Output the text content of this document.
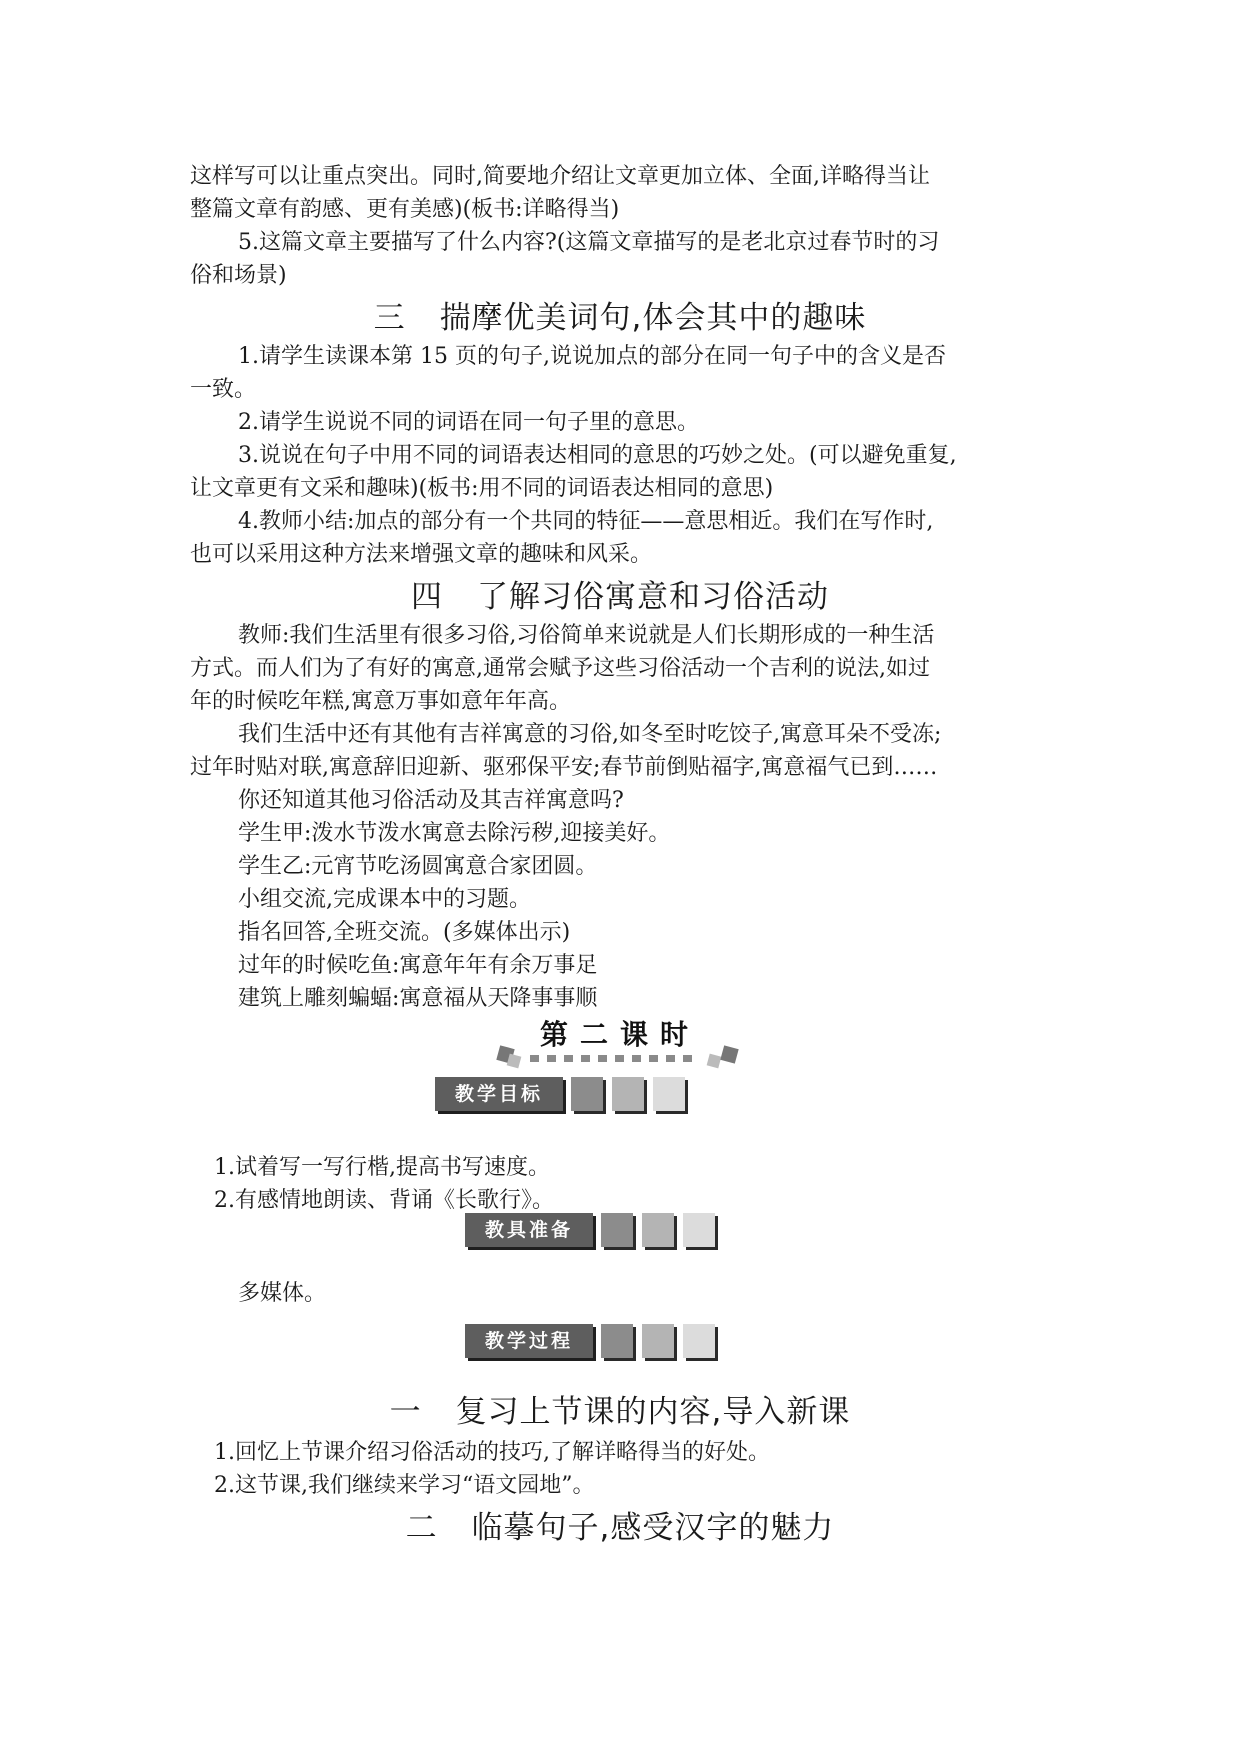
这样写可以让重点突出。同时,简要地介绍让文章更加立体、全面,详略得当让

整篇文章有韵感、更有美感)(板书:详略得当)

5.这篇文章主要描写了什么内容?(这篇文章描写的是老北京过春节时的习

俗和场景)

三 揣摩优美词句,体会其中的趣味

1.请学生读课本第 15 页的句子,说说加点的部分在同一句子中的含义是否

一致。

2.请学生说说不同的词语在同一句子里的意思。

3.说说在句子中用不同的词语表达相同的意思的巧妙之处。(可以避免重复,

让文章更有文采和趣味)(板书:用不同的词语表达相同的意思)

4.教师小结:加点的部分有一个共同的特征——意思相近。我们在写作时,

也可以采用这种方法来增强文章的趣味和风采。

四 了解习俗寓意和习俗活动

教师:我们生活里有很多习俗,习俗简单来说就是人们长期形成的一种生活

方式。而人们为了有好的寓意,通常会赋予这些习俗活动一个吉利的说法,如过

年的时候吃年糕,寓意万事如意年年高。

我们生活中还有其他有吉祥寓意的习俗,如冬至时吃饺子,寓意耳朵不受冻;

过年时贴对联,寓意辞旧迎新、驱邪保平安;春节前倒贴福字,寓意福气已到……

你还知道其他习俗活动及其吉祥寓意吗?

学生甲:泼水节泼水寓意去除污秽,迎接美好。

学生乙:元宵节吃汤圆寓意合家团圆。

小组交流,完成课本中的习题。

指名回答,全班交流。(多媒体出示)

过年的时候吃鱼:寓意年年有余万事足

建筑上雕刻蝙蝠:寓意福从天降事事顺

第二课时
教学目标

1.试着写一写行楷,提高书写速度。

2.有感情地朗读、背诵《长歌行》。

教具准备

多媒体。

教学过程
一 复习上节课的内容,导入新课

1.回忆上节课介绍习俗活动的技巧,了解详略得当的好处。

2.这节课,我们继续来学习“语文园地”。

二 临摹句子,感受汉字的魅力
